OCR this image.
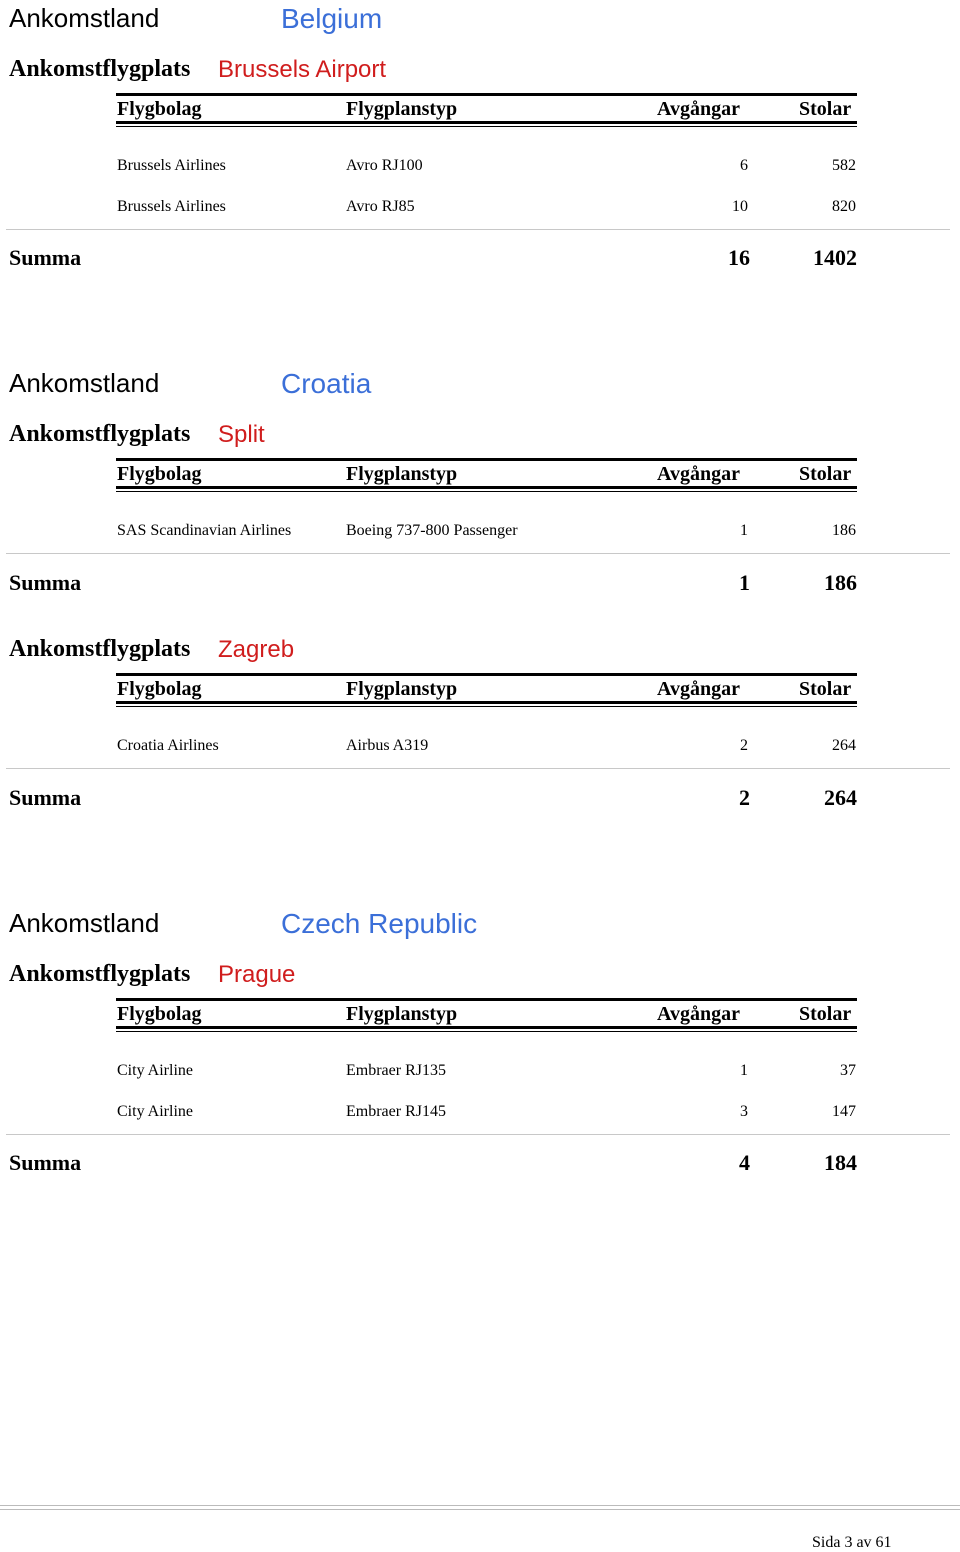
Ankomstland	Belgium
Ankomstflygplats Brussels Airport
Flygbolag	Flygplanstyp	Avgångar	Stolar
Brussels Airlines	Avro RJ100	6	582
Brussels Airlines	Avro RJ85	10	820
Summa	16	1402
Ankomstland	Croatia
Ankomstflygplats Split
Flygbolag	Flygplanstyp	Avgångar	Stolar
SAS Scandinavian Airlines	Boeing 737-800 Passenger	1	186
Summa	1	186
Ankomstflygplats Zagreb
Flygbolag	Flygplanstyp	Avgångar	Stolar
Croatia Airlines	Airbus A319	2	264
Summa	2	264
Ankomstland	Czech Republic
Ankomstflygplats Prague
Flygbolag	Flygplanstyp	Avgångar	Stolar
City Airline	Embraer RJ135	1	37
City Airline	Embraer RJ145	3	147
Summa	4	184
Sida 3 av 61
